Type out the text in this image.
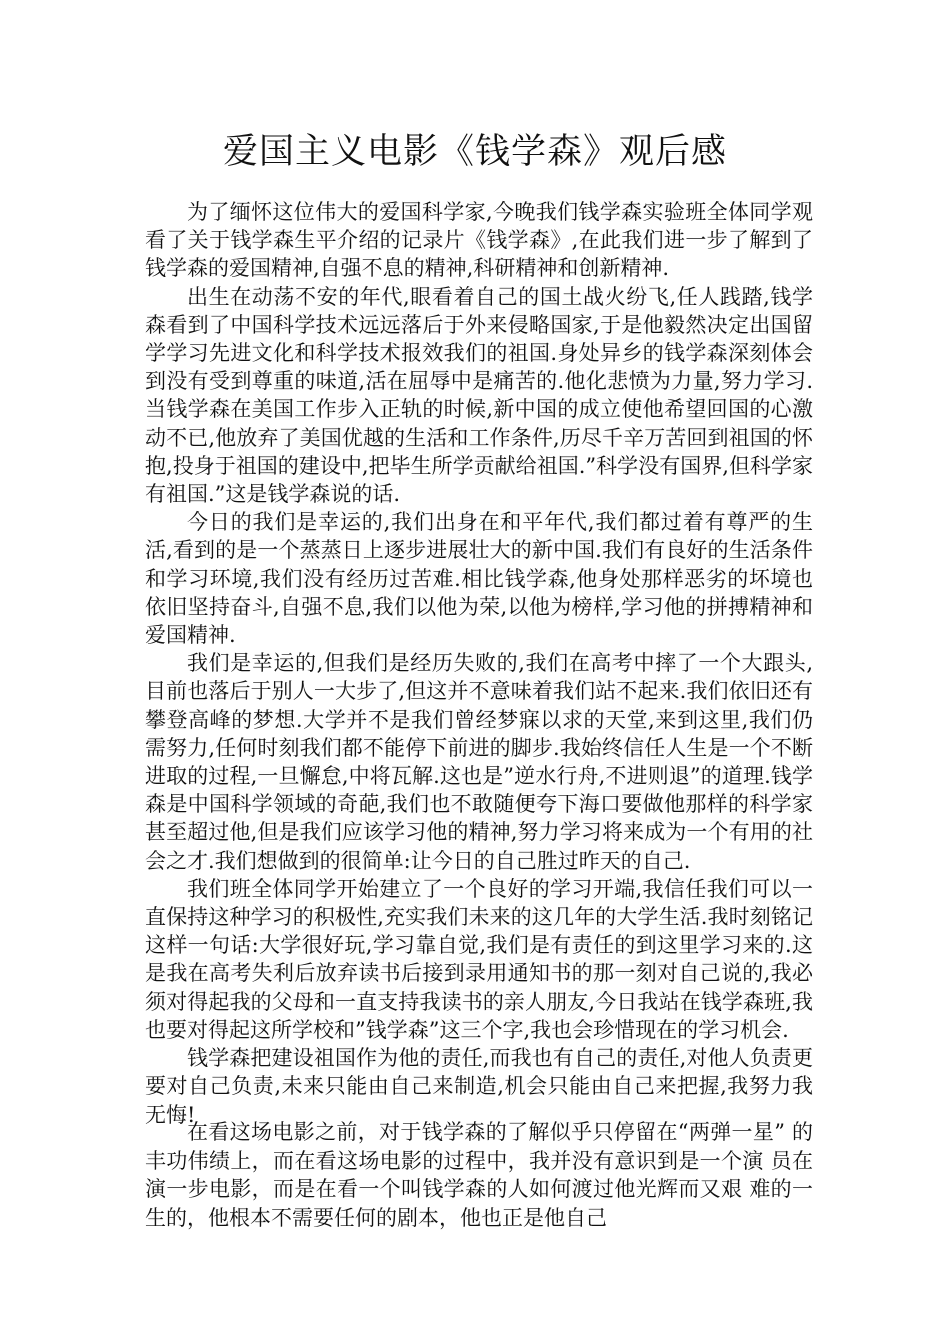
爱国主义电影《钱学森》观后感

为了缅怀这位伟大的爱国科学家,今晚我们钱学森实验班全体同学观看了关于钱学森生平介绍的记录片《钱学森》,在此我们进一步了解到了钱学森的爱国精神,自强不息的精神,科研精神和创新精神.

出生在动荡不安的年代,眼看着自己的国土战火纷飞,任人践踏,钱学森看到了中国科学技术远远落后于外来侵略国家,于是他毅然决定出国留学学习先进文化和科学技术报效我们的祖国.身处异乡的钱学森深刻体会到没有受到尊重的味道,活在屈辱中是痛苦的.他化悲愤为力量,努力学习.当钱学森在美国工作步入正轨的时候,新中国的成立使他希望回国的心激动不已,他放弃了美国优越的生活和工作条件,历尽千辛万苦回到祖国的怀抱,投身于祖国的建设中,把毕生所学贡献给祖国.”科学没有国界,但科学家有祖国.”这是钱学森说的话.

今日的我们是幸运的,我们出身在和平年代,我们都过着有尊严的生活,看到的是一个蒸蒸日上逐步进展壮大的新中国.我们有良好的生活条件和学习环境,我们没有经历过苦难.相比钱学森,他身处那样恶劣的坏境也依旧坚持奋斗,自强不息,我们以他为荣,以他为榜样,学习他的拼搏精神和爱国精神.

我们是幸运的,但我们是经历失败的,我们在高考中摔了一个大跟头,目前也落后于别人一大步了,但这并不意味着我们站不起来.我们依旧还有攀登高峰的梦想.大学并不是我们曾经梦寐以求的天堂,来到这里,我们仍需努力,任何时刻我们都不能停下前进的脚步.我始终信任人生是一个不断进取的过程,一旦懈怠,中将瓦解.这也是”逆水行舟,不进则退”的道理.钱学森是中国科学领域的奇葩,我们也不敢随便夸下海口要做他那样的科学家甚至超过他,但是我们应该学习他的精神,努力学习将来成为一个有用的社会之才.我们想做到的很简单:让今日的自己胜过昨天的自己.

我们班全体同学开始建立了一个良好的学习开端,我信任我们可以一直保持这种学习的积极性,充实我们未来的这几年的大学生活.我时刻铭记这样一句话:大学很好玩,学习靠自觉,我们是有责任的到这里学习来的.这是我在高考失利后放弃读书后接到录用通知书的那一刻对自己说的,我必须对得起我的父母和一直支持我读书的亲人朋友,今日我站在钱学森班,我也要对得起这所学校和”钱学森”这三个字,我也会珍惜现在的学习机会.

钱学森把建设祖国作为他的责任,而我也有自己的责任,对他人负责更要对自己负责,未来只能由自己来制造,机会只能由自己来把握,我努力我无悔!

在看这场电影之前，对于钱学森的了解似乎只停留在“两弹一星” 的丰功伟绩上，而在看这场电影的过程中，我并没有意识到是一个演 员在演一步电影，而是在看一个叫钱学森的人如何渡过他光辉而又艰 难的一生的，他根本不需要任何的剧本，他也正是他自己
